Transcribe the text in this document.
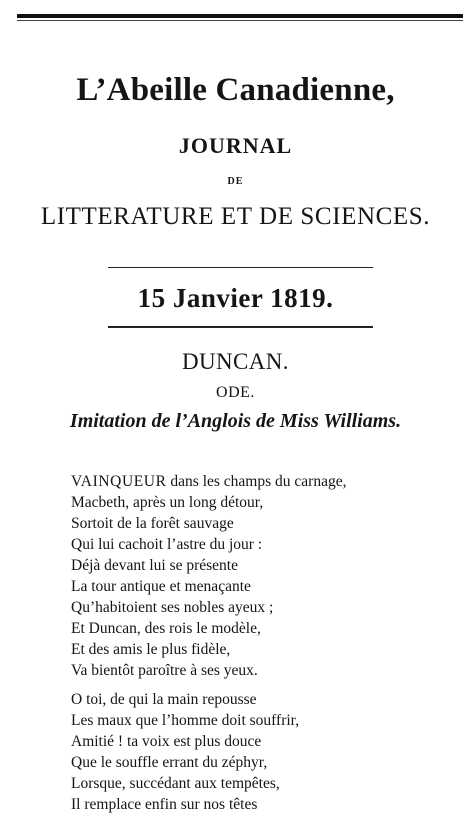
L’Abeille Canadienne,
JOURNAL
DE
LITTERATURE ET DE SCIENCES.
15 Janvier 1819.
DUNCAN.
ODE.
Imitation de l’Anglois de Miss Williams.
VAINQUEUR dans les champs du carnage,
Macbeth, après un long détour,
Sortoit de la forêt sauvage
Qui lui cachoit l’astre du jour :
Déjà devant lui se présente
La tour antique et menaçante
Qu’habitoient ses nobles ayeux ;
Et Duncan, des rois le modèle,
Et des amis le plus fidèle,
Va bientôt paroître à ses yeux.
O toi, de qui la main repousse
Les maux que l’homme doit souffrir,
Amitié ! ta voix est plus douce
Que le souffle errant du zéphyr,
Lorsque, succédant aux tempêtes,
Il remplace enfin sur nos têtes
